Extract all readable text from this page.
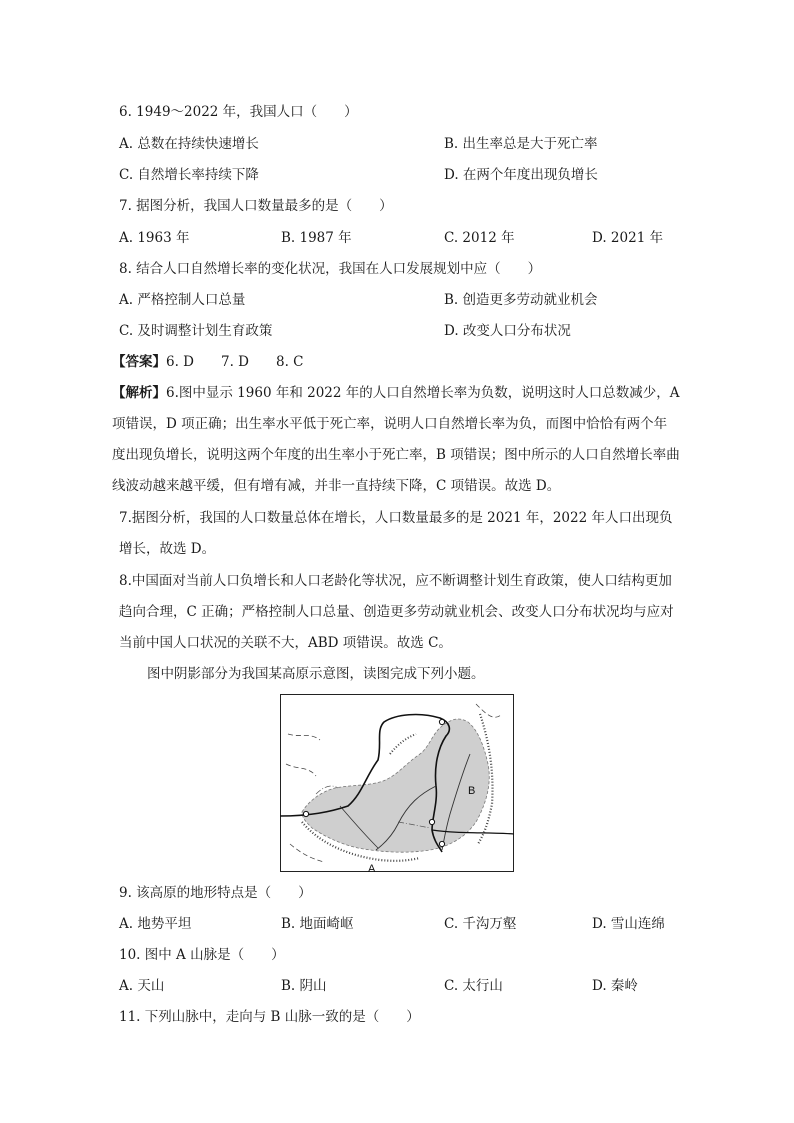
6. 1949～2022 年，我国人口（　　）
A. 总数在持续快速增长	B. 出生率总是大于死亡率
C. 自然增长率持续下降	D. 在两个年度出现负增长
7. 据图分析，我国人口数量最多的是（　　）
A. 1963 年	B. 1987 年	C. 2012 年	D. 2021 年
8. 结合人口自然增长率的变化状况，我国在人口发展规划中应（　　）
A. 严格控制人口总量	B. 创造更多劳动就业机会
C. 及时调整计划生育政策	D. 改变人口分布状况
【答案】6. D　　7. D　　8. C
【解析】6.图中显示 1960 年和 2022 年的人口自然增长率为负数，说明这时人口总数减少，A 项错误，D 项正确；出生率水平低于死亡率，说明人口自然增长率为负，而图中恰恰有两个年度出现负增长，说明这两个年度的出生率小于死亡率，B 项错误；图中所示的人口自然增长率曲线波动越来越平缓，但有增有减，并非一直持续下降，C 项错误。故选 D。
7.据图分析，我国的人口数量总体在增长，人口数量最多的是 2021 年，2022 年人口出现负增长，故选 D。
8.中国面对当前人口负增长和人口老龄化等状况，应不断调整计划生育政策，使人口结构更加趋向合理，C 正确；严格控制人口总量、创造更多劳动就业机会、改变人口分布状况均与应对当前中国人口状况的关联不大，ABD 项错误。故选 C。
图中阴影部分为我国某高原示意图，读图完成下列小题。
A
B
9. 该高原的地形特点是（　　）
A. 地势平坦	B. 地面崎岖	C. 千沟万壑	D. 雪山连绵
10. 图中 A 山脉是（　　）
A. 天山	B. 阴山	C. 太行山	D. 秦岭
11. 下列山脉中，走向与 B 山脉一致的是（　　）
